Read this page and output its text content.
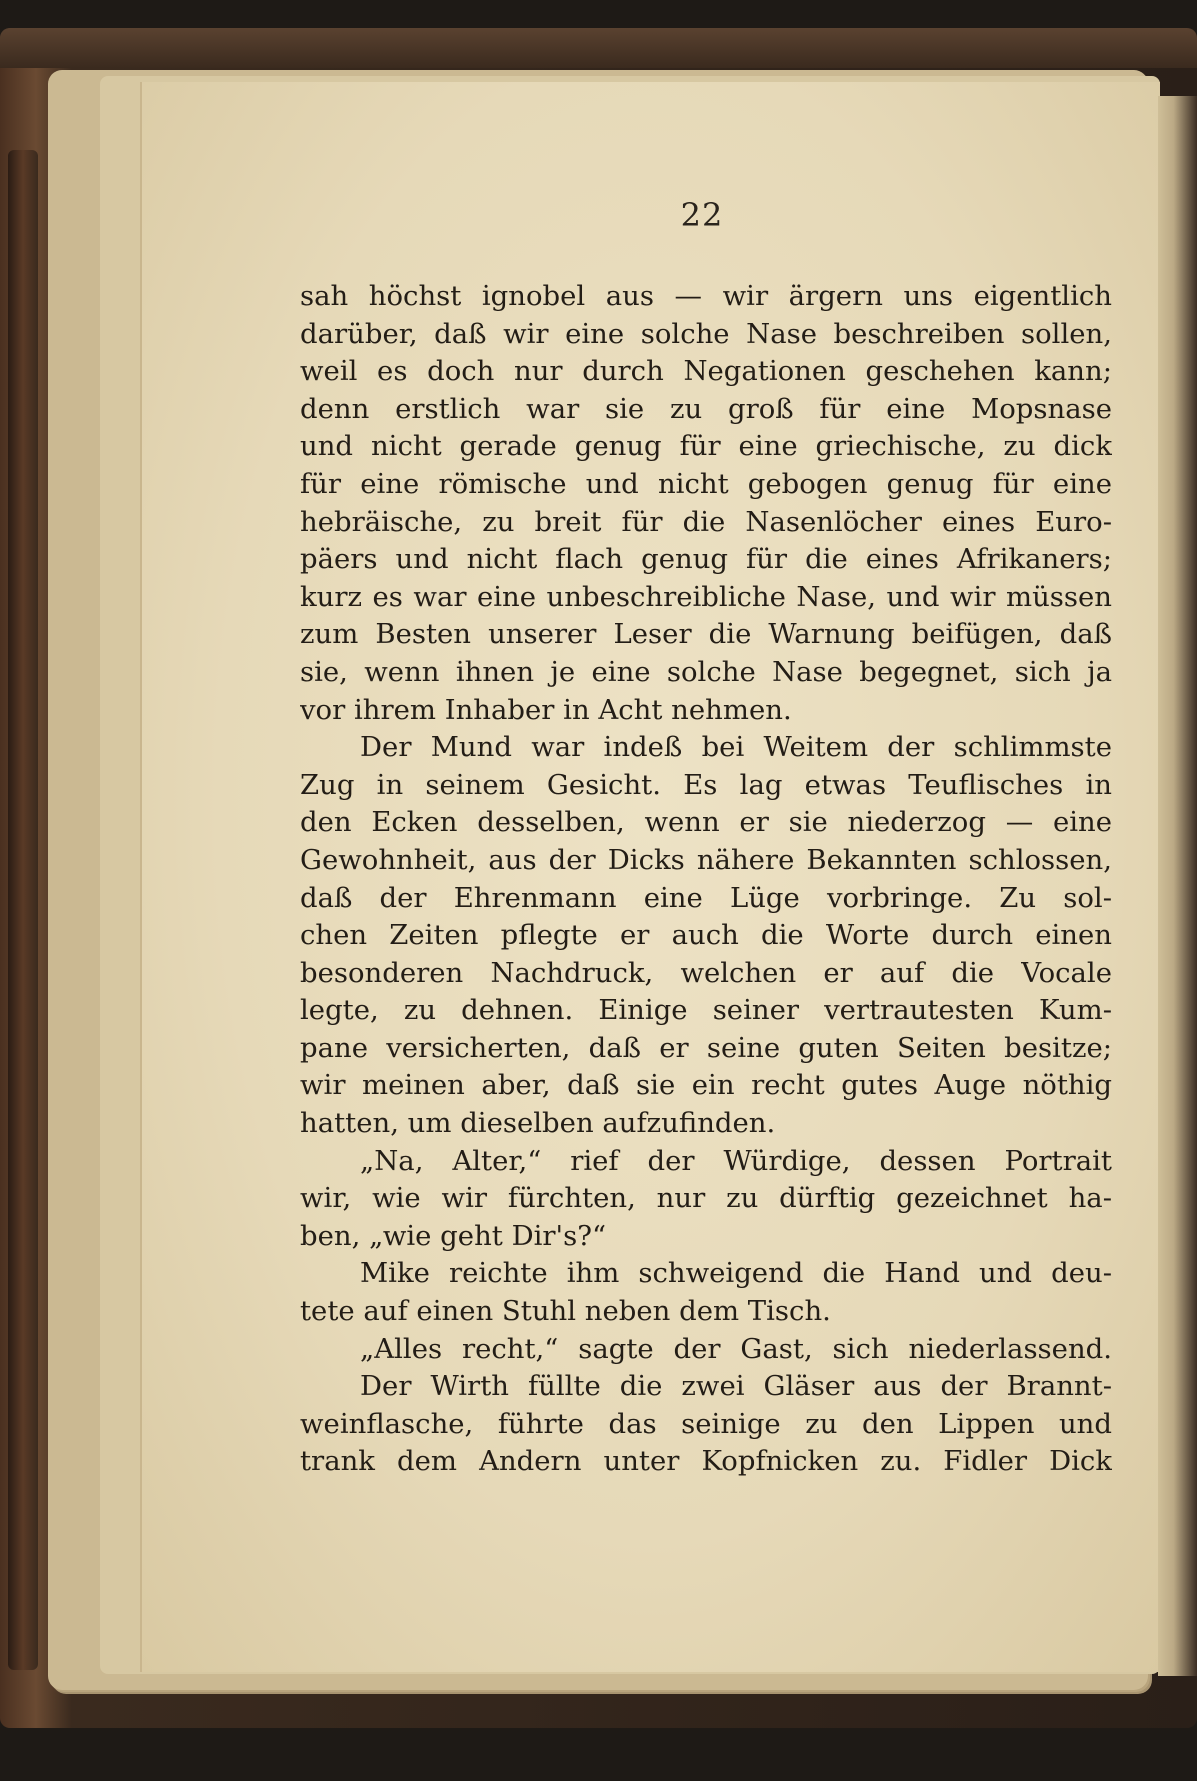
22
sah höchst ignobel aus — wir ärgern uns eigentlich
darüber, daß wir eine solche Nase beschreiben sollen,
weil es doch nur durch Negationen geschehen kann;
denn erstlich war sie zu groß für eine Mopsnase
und nicht gerade genug für eine griechische, zu dick
für eine römische und nicht gebogen genug für eine
hebräische, zu breit für die Nasenlöcher eines Euro-
päers und nicht flach genug für die eines Afrikaners;
kurz es war eine unbeschreibliche Nase, und wir müssen
zum Besten unserer Leser die Warnung beifügen, daß
sie, wenn ihnen je eine solche Nase begegnet, sich ja
vor ihrem Inhaber in Acht nehmen.
Der Mund war indeß bei Weitem der schlimmste
Zug in seinem Gesicht. Es lag etwas Teuflisches in
den Ecken desselben, wenn er sie niederzog — eine
Gewohnheit, aus der Dicks nähere Bekannten schlossen,
daß der Ehrenmann eine Lüge vorbringe. Zu sol-
chen Zeiten pflegte er auch die Worte durch einen
besonderen Nachdruck, welchen er auf die Vocale
legte, zu dehnen. Einige seiner vertrautesten Kum-
pane versicherten, daß er seine guten Seiten besitze;
wir meinen aber, daß sie ein recht gutes Auge nöthig
hatten, um dieselben aufzufinden.
„Na, Alter,“ rief der Würdige, dessen Portrait
wir, wie wir fürchten, nur zu dürftig gezeichnet ha-
ben, „wie geht Dir's?“
Mike reichte ihm schweigend die Hand und deu-
tete auf einen Stuhl neben dem Tisch.
„Alles recht,“ sagte der Gast, sich niederlassend.
Der Wirth füllte die zwei Gläser aus der Brannt-
weinflasche, führte das seinige zu den Lippen und
trank dem Andern unter Kopfnicken zu. Fidler Dick
